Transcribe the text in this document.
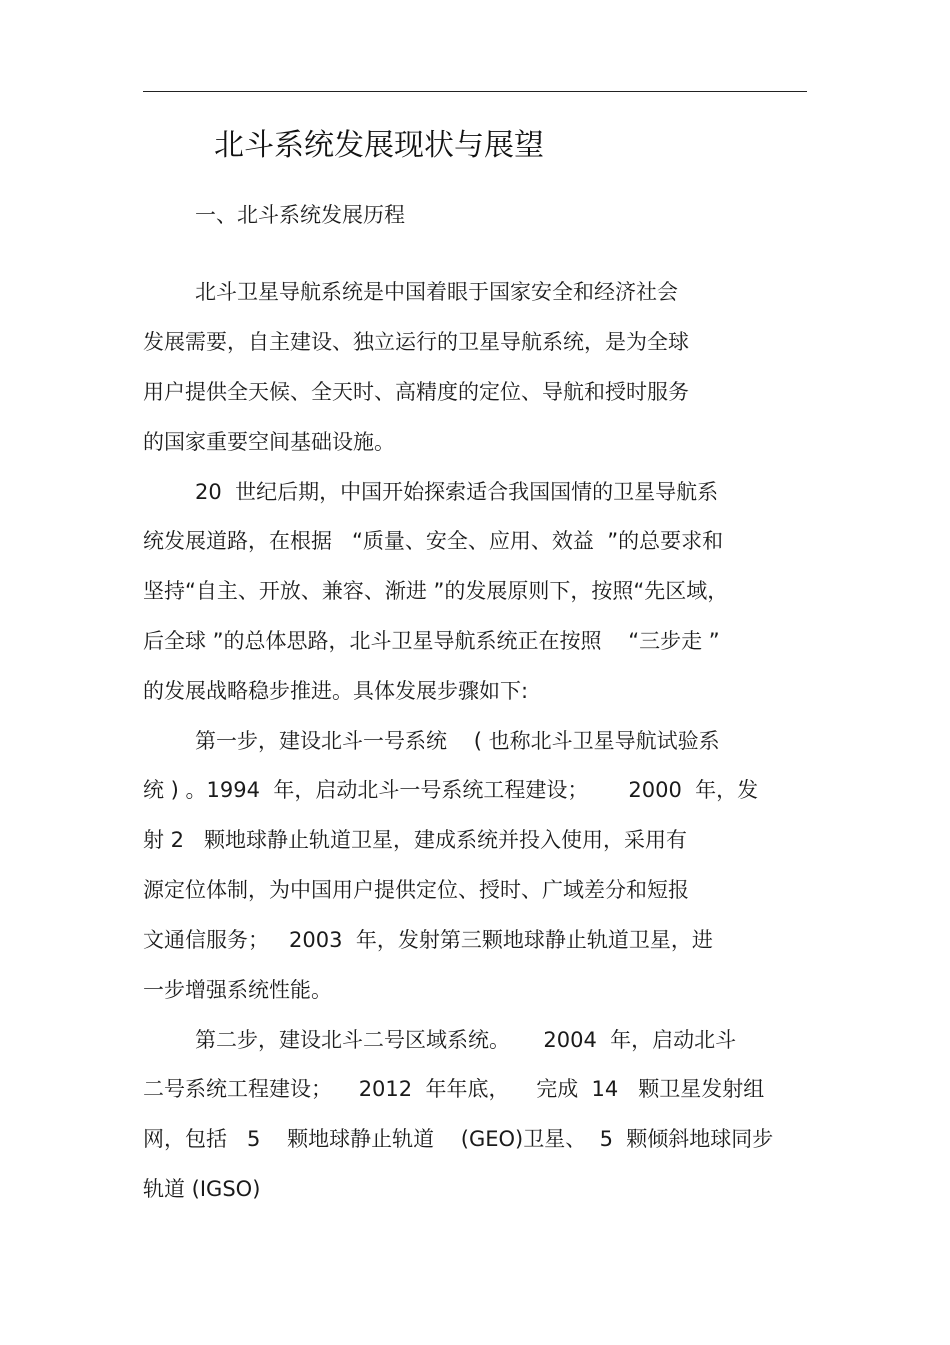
北斗系统发展现状与展望
一、北斗系统发展历程
北斗卫星导航系统是中国着眼于国家安全和经济社会
发展需要，自主建设、独立运行的卫星导航系统，是为全球
用户提供全天候、全天时、高精度的定位、导航和授时服务
的国家重要空间基础设施。
20  世纪后期，中国开始探索适合我国国情的卫星导航系
统发展道路，在根据   “质量、安全、应用、效益  ”的总要求和
坚持“自主、开放、兼容、渐进 ”的发展原则下，按照“先区域，
后全球 ”的总体思路，北斗卫星导航系统正在按照    “三步走 ”
的发展战略稳步推进。具体发展步骤如下:
第一步，建设北斗一号系统    ( 也称北斗卫星导航试验系
统 ) 。1994  年，启动北斗一号系统工程建设；      2000  年，发
射 2   颗地球静止轨道卫星，建成系统并投入使用，采用有
源定位体制，为中国用户提供定位、授时、广域差分和短报
文通信服务；   2003  年，发射第三颗地球静止轨道卫星，进
一步增强系统性能。
第二步，建设北斗二号区域系统。     2004  年，启动北斗
二号系统工程建设；    2012  年年底，    完成  14   颗卫星发射组
网，包括   5    颗地球静止轨道    (GEO)卫星、  5  颗倾斜地球同步
轨道 (IGSO)
